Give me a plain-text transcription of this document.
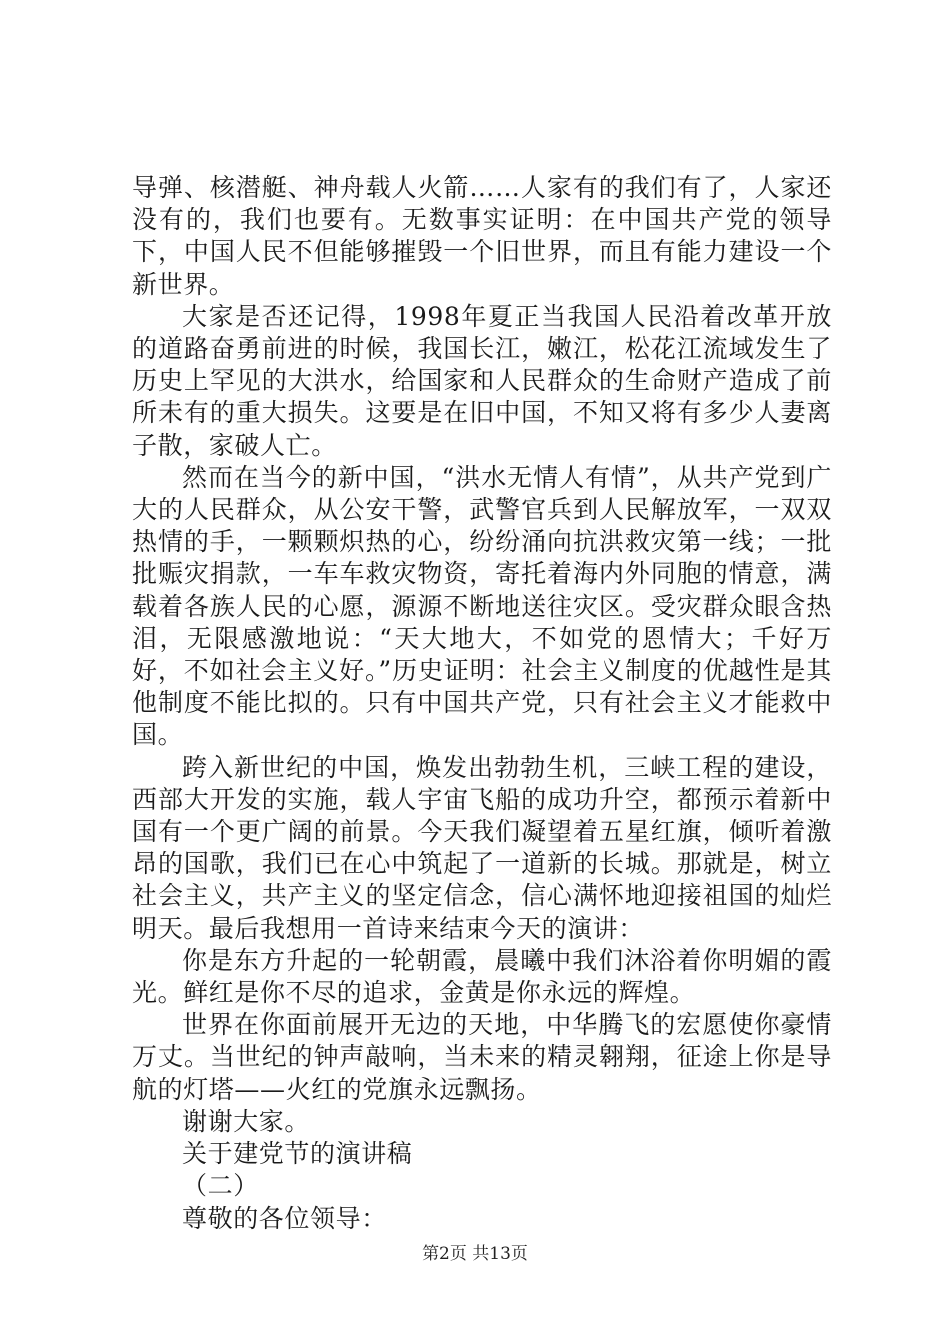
导弹、核潜艇、神舟载人火箭……人家有的我们有了，人家还没有的，我们也要有。无数事实证明：在中国共产党的领导下，中国人民不但能够摧毁一个旧世界，而且有能力建设一个新世界。

大家是否还记得，1998年夏正当我国人民沿着改革开放的道路奋勇前进的时候，我国长江，嫩江，松花江流域发生了历史上罕见的大洪水，给国家和人民群众的生命财产造成了前所未有的重大损失。这要是在旧中国，不知又将有多少人妻离子散，家破人亡。

然而在当今的新中国，“洪水无情人有情”，从共产党到广大的人民群众，从公安干警，武警官兵到人民解放军，一双双热情的手，一颗颗炽热的心，纷纷涌向抗洪救灾第一线；一批批赈灾捐款，一车车救灾物资，寄托着海内外同胞的情意，满载着各族人民的心愿，源源不断地送往灾区。受灾群众眼含热泪，无限感激地说：“天大地大，不如党的恩情大；千好万好，不如社会主义好。”历史证明：社会主义制度的优越性是其他制度不能比拟的。只有中国共产党，只有社会主义才能救中国。

跨入新世纪的中国，焕发出勃勃生机，三峡工程的建设，西部大开发的实施，载人宇宙飞船的成功升空，都预示着新中国有一个更广阔的前景。今天我们凝望着五星红旗，倾听着激昂的国歌，我们已在心中筑起了一道新的长城。那就是，树立社会主义，共产主义的坚定信念，信心满怀地迎接祖国的灿烂明天。最后我想用一首诗来结束今天的演讲：

你是东方升起的一轮朝霞，晨曦中我们沐浴着你明媚的霞光。鲜红是你不尽的追求，金黄是你永远的辉煌。

世界在你面前展开无边的天地，中华腾飞的宏愿使你豪情万丈。当世纪的钟声敲响，当未来的精灵翱翔，征途上你是导航的灯塔——火红的党旗永远飘扬。

谢谢大家。

关于建党节的演讲稿

（二）

尊敬的各位领导：

第2页 共13页
